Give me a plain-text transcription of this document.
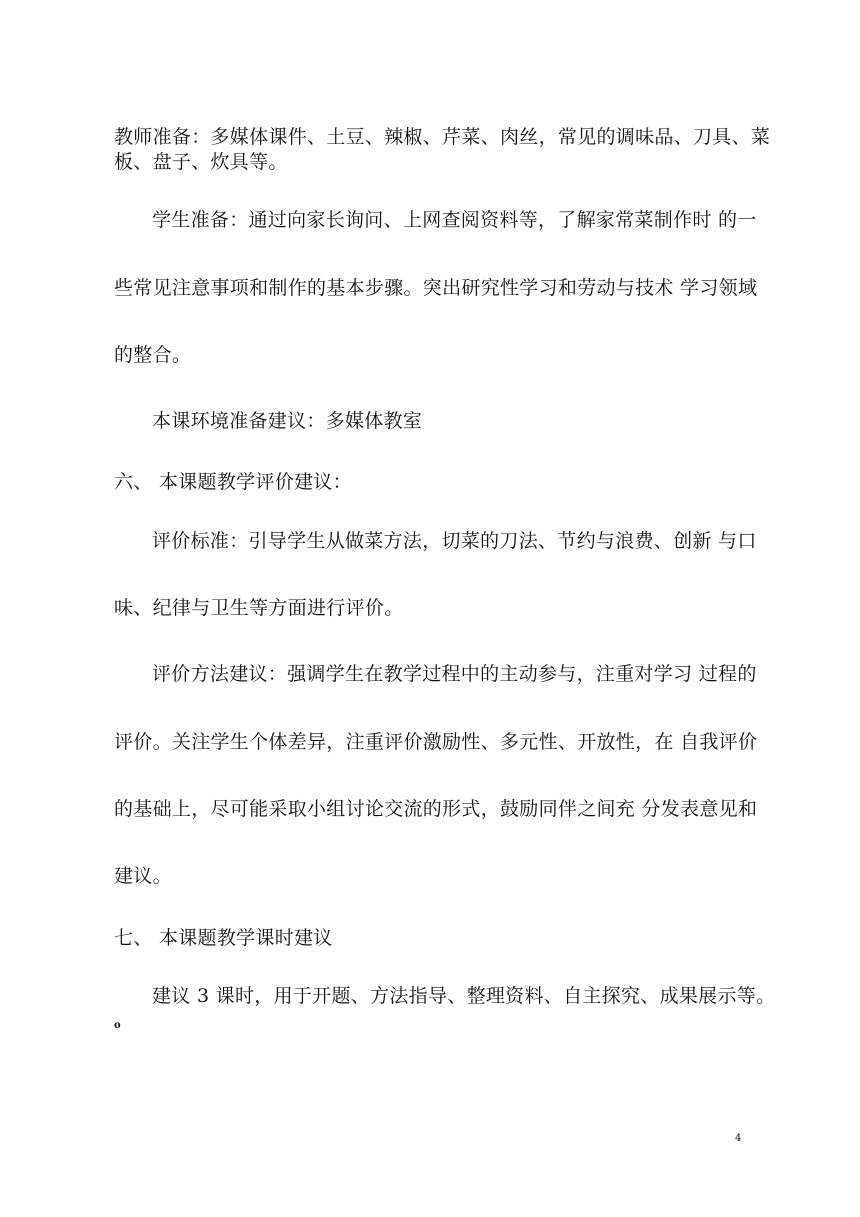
教师准备：多媒体课件、土豆、辣椒、芹菜、肉丝，常见的调味品、刀具、菜
板、盘子、炊具等。
学生准备：通过向家长询问、上网查阅资料等，了解家常菜制作时 的一
些常见注意事项和制作的基本步骤。突出研究性学习和劳动与技术 学习领域
的整合。
本课环境准备建议：多媒体教室
六、 本课题教学评价建议：
评价标准：引导学生从做菜方法，切菜的刀法、节约与浪费、创新 与口
味、纪律与卫生等方面进行评价。
评价方法建议：强调学生在教学过程中的主动参与，注重对学习 过程的
评价。关注学生个体差异，注重评价激励性、多元性、开放性，在 自我评价
的基础上，尽可能采取小组讨论交流的形式，鼓励同伴之间充 分发表意见和
建议。
七、 本课题教学课时建议
建议 3 课时，用于开题、方法指导、整理资料、自主探究、成果展示等。
o
4
